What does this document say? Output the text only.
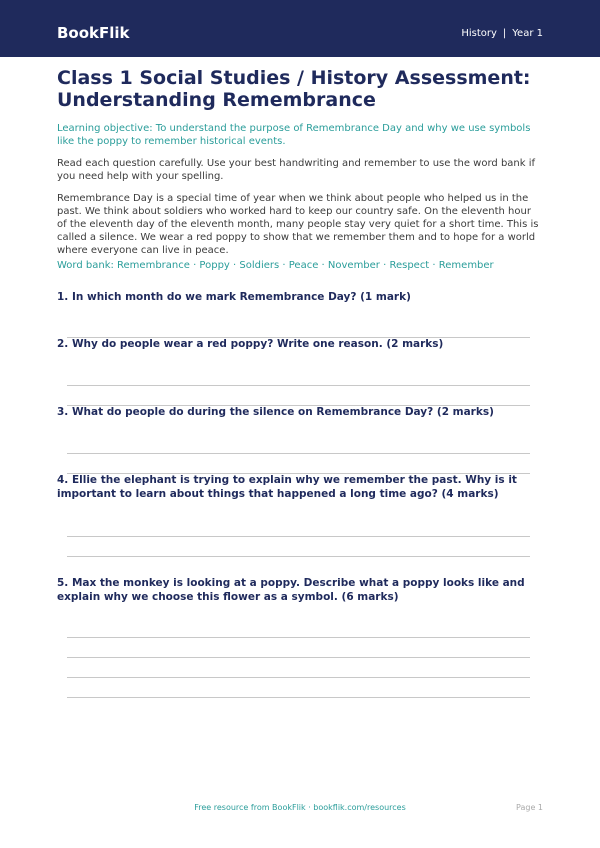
BookFlik	History | Year 1
Class 1 Social Studies / History Assessment: Understanding Remembrance

Learning objective: To understand the purpose of Remembrance Day and why we use symbols like the poppy to remember historical events.

Read each question carefully. Use your best handwriting and remember to use the word bank if you need help with your spelling.

Remembrance Day is a special time of year when we think about people who helped us in the past. We think about soldiers who worked hard to keep our country safe. On the eleventh hour of the eleventh day of the eleventh month, many people stay very quiet for a short time. This is called a silence. We wear a red poppy to show that we remember them and to hope for a world where everyone can live in peace.

Word bank: Remembrance · Poppy · Soldiers · Peace · November · Respect · Remember

1. In which month do we mark Remembrance Day? (1 mark)

2. Why do people wear a red poppy? Write one reason. (2 marks)

3. What do people do during the silence on Remembrance Day? (2 marks)

4. Ellie the elephant is trying to explain why we remember the past. Why is it important to learn about things that happened a long time ago? (4 marks)

5. Max the monkey is looking at a poppy. Describe what a poppy looks like and explain why we choose this flower as a symbol. (6 marks)

Free resource from BookFlik · bookflik.com/resources	Page 1
